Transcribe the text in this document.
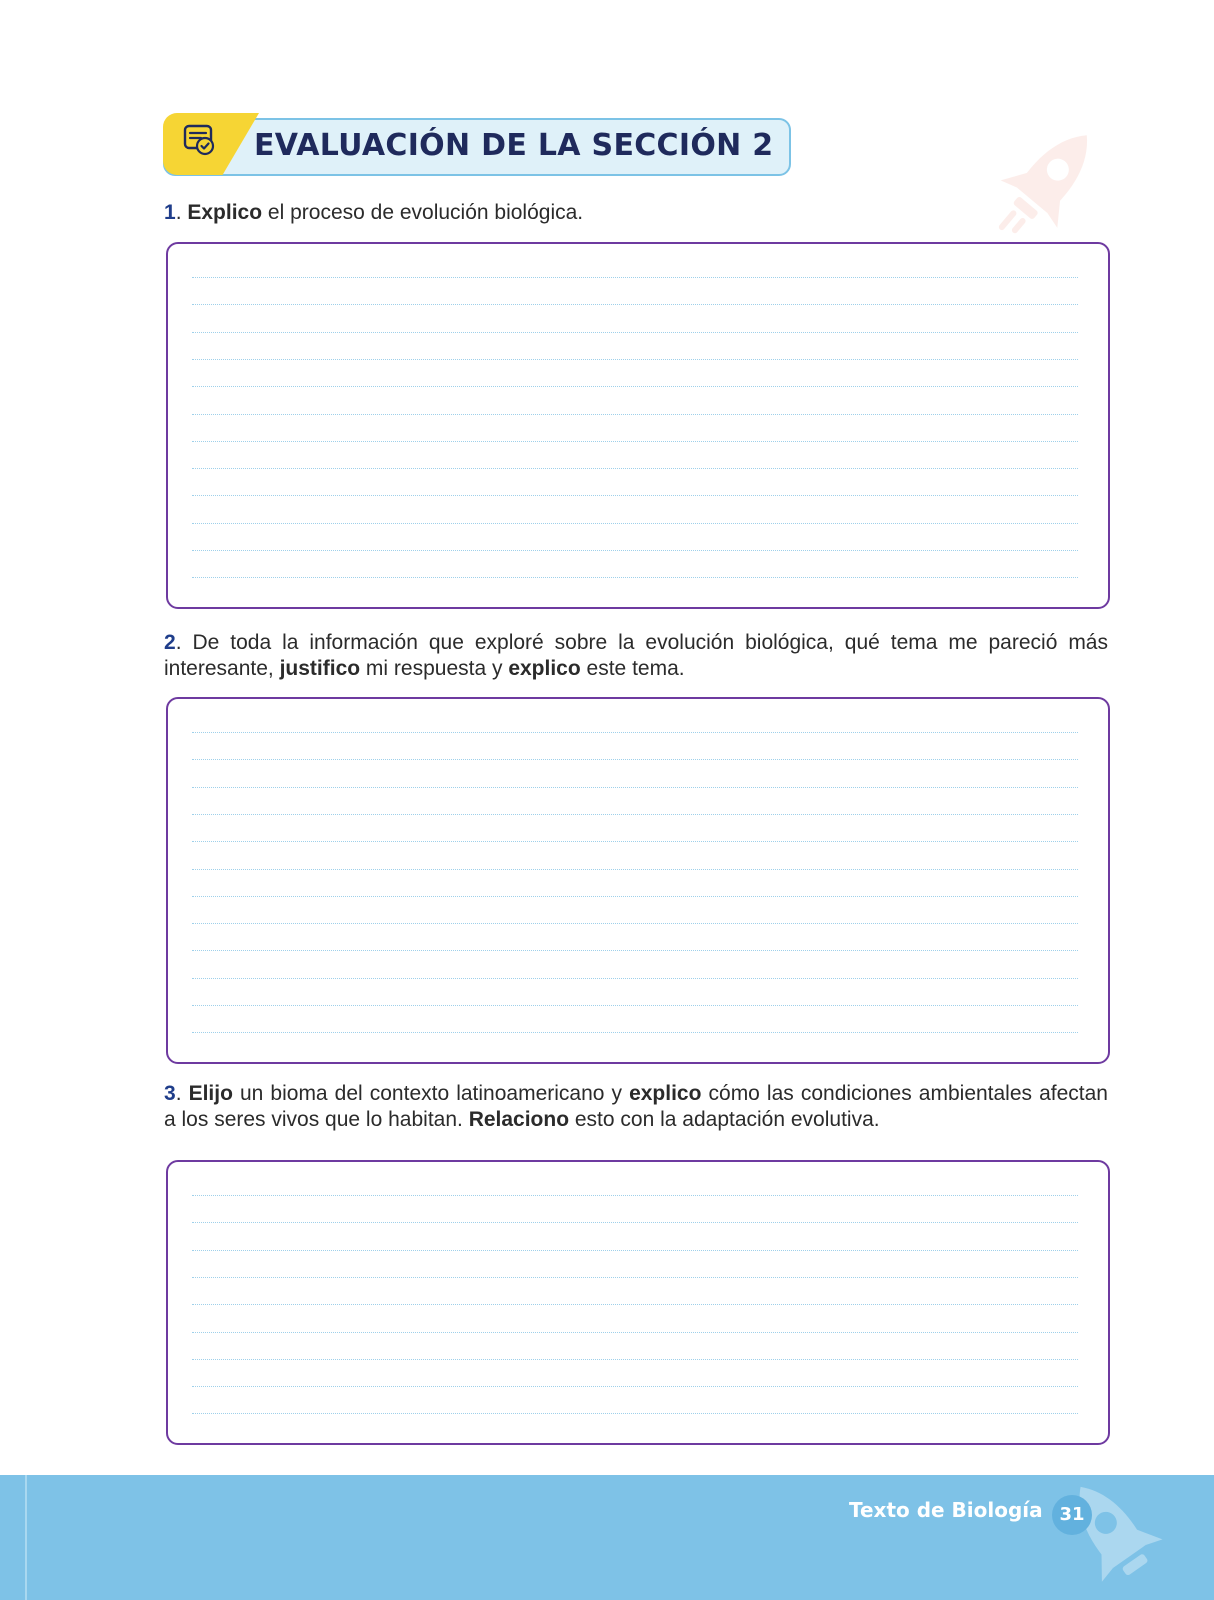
EVALUACIÓN DE LA SECCIÓN 2
1. Explico el proceso de evolución biológica.
2. De toda la información que exploré sobre la evolución biológica, qué tema me pareció más interesante, justifico mi respuesta y explico este tema.
3. Elijo un bioma del contexto latinoamericano y explico cómo las condiciones ambientales afectan a los seres vivos que lo habitan. Relaciono esto con la adaptación evolutiva.
Texto de Biología 31
